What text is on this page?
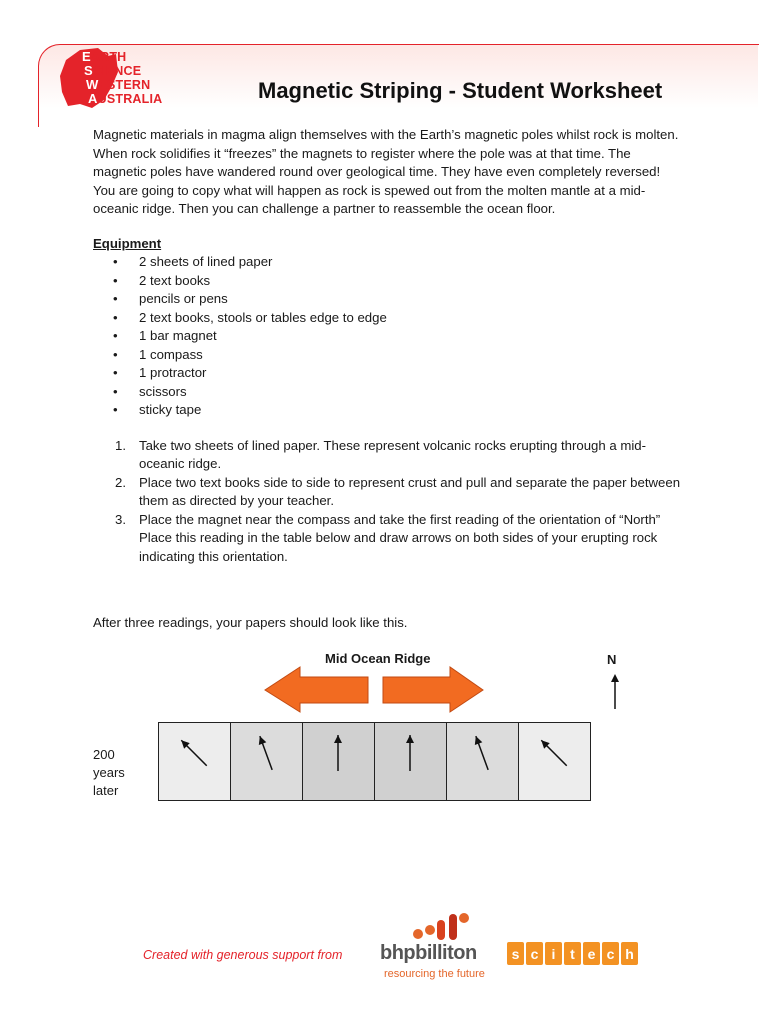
EARTH
SCIENCE
WESTERN
AUSTRALIA	Magnetic Striping - Student Worksheet

Magnetic materials in magma align themselves with the Earth’s magnetic poles whilst rock is molten. When rock solidifies it “freezes” the magnets to register where the pole was at that time. The magnetic poles have wandered round over geological time. They have even completely reversed! You are going to copy what will happen as rock is spewed out from the molten mantle at a mid-oceanic ridge. Then you can challenge a partner to reassemble the ocean floor.

Equipment
• 2 sheets of lined paper
• 2 text books
• pencils or pens
• 2 text books, stools or tables edge to edge
• 1 bar magnet
• 1 compass
• 1 protractor
• scissors
• sticky tape
1. Take two sheets of lined paper. These represent volcanic rocks erupting through a mid-oceanic ridge.
2. Place two text books side to side to represent crust and pull and separate the paper between them as directed by your teacher.
3. Place the magnet near the compass and take the first reading of the orientation of “North” Place this reading in the table below and draw arrows on both sides of your erupting rock indicating this orientation.
After three readings, your papers should look like this.
Mid Ocean Ridge	N
200
years
later
Created with generous support from bhpbilliton
resourcing the future
s c i	t e c h
